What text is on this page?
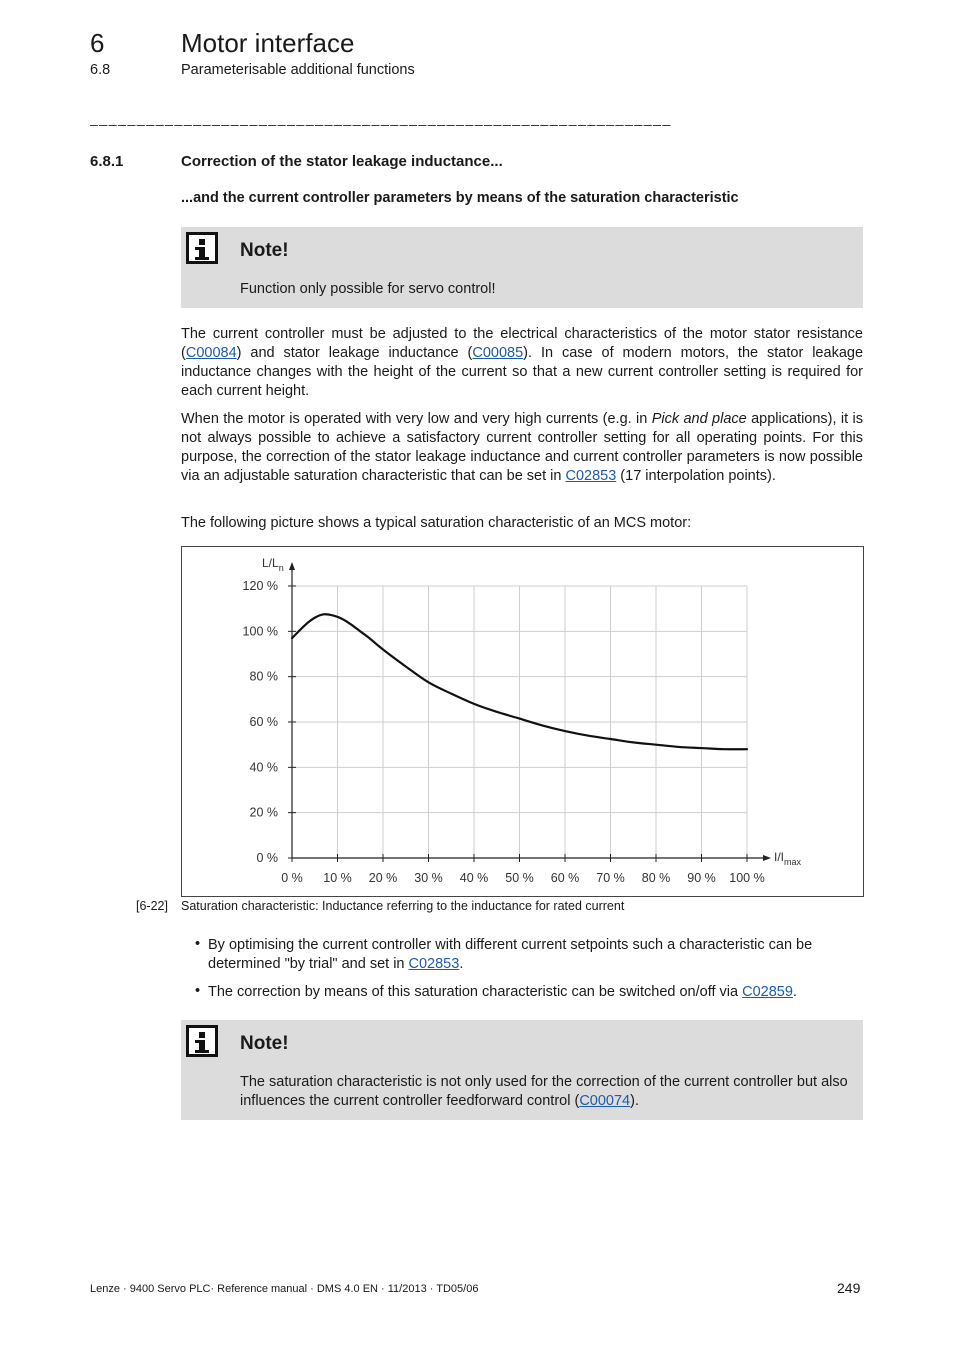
6	Motor interface
6.8	Parameterisable additional functions
______________________________________________________________
6.8.1	Correction of the stator leakage inductance...
...and the current controller parameters by means of the saturation characteristic
Note!
Function only possible for servo control!
The current controller must be adjusted to the electrical characteristics of the motor stator resistance (C00084) and stator leakage inductance (C00085). In case of modern motors, the stator leakage inductance changes with the height of the current so that a new current controller setting is required for each current height.
When the motor is operated with very low and very high currents (e.g. in Pick and place applications), it is not always possible to achieve a satisfactory current controller setting for all operating points. For this purpose, the correction of the stator leakage inductance and current controller parameters is now possible via an adjustable saturation characteristic that can be set in C02853 (17 interpolation points).
The following picture shows a typical saturation characteristic of an MCS motor:
0 % 10 % 20 % 30 % 40 % 50 % 60 % 70 % 80 % 90 % 100 %
0 %
20 %
40 %
60 %
80 %
100 %
120 %
$L/L_n$
$I/I_{max}$
[6-22] Saturation characteristic: Inductance referring to the inductance for rated current
• By optimising the current controller with different current setpoints such a characteristic can be determined "by trial" and set in C02853.
• The correction by means of this saturation characteristic can be switched on/off via C02859.
Note!
The saturation characteristic is not only used for the correction of the current controller but also influences the current controller feedforward control (C00074).
Lenze · 9400 Servo PLC· Reference manual · DMS 4.0 EN · 11/2013 · TD05/06	249
